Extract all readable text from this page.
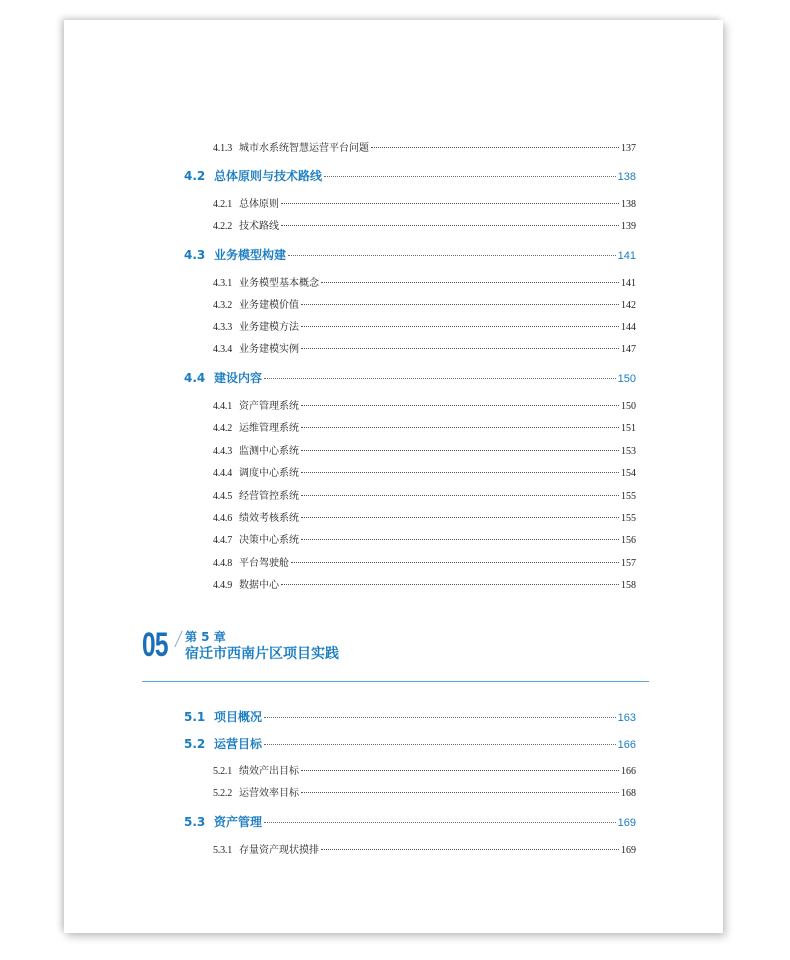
4.1.3 城市水系统智慧运营平台问题	137
4.2 总体原则与技术路线	138
4.2.1 总体原则	138
4.2.2 技术路线	139
4.3 业务模型构建	141
4.3.1 业务模型基本概念	141
4.3.2 业务建模价值	142
4.3.3 业务建模方法	144
4.3.4 业务建模实例	147
4.4 建设内容	150
4.4.1 资产管理系统	150
4.4.2 运维管理系统	151
4.4.3 监测中心系统	153
4.4.4 调度中心系统	154
4.4.5 经营管控系统	155
4.4.6 绩效考核系统	155
4.4.7 决策中心系统	156
4.4.8 平台驾驶舱	157
4.4.9 数据中心	158
05 第 5 章
宿迁市西南片区项目实践
5.1 项目概况	163
5.2 运营目标	166
5.2.1 绩效产出目标	166
5.2.2 运营效率目标	168
5.3 资产管理	169
5.3.1 存量资产现状摸排	169
